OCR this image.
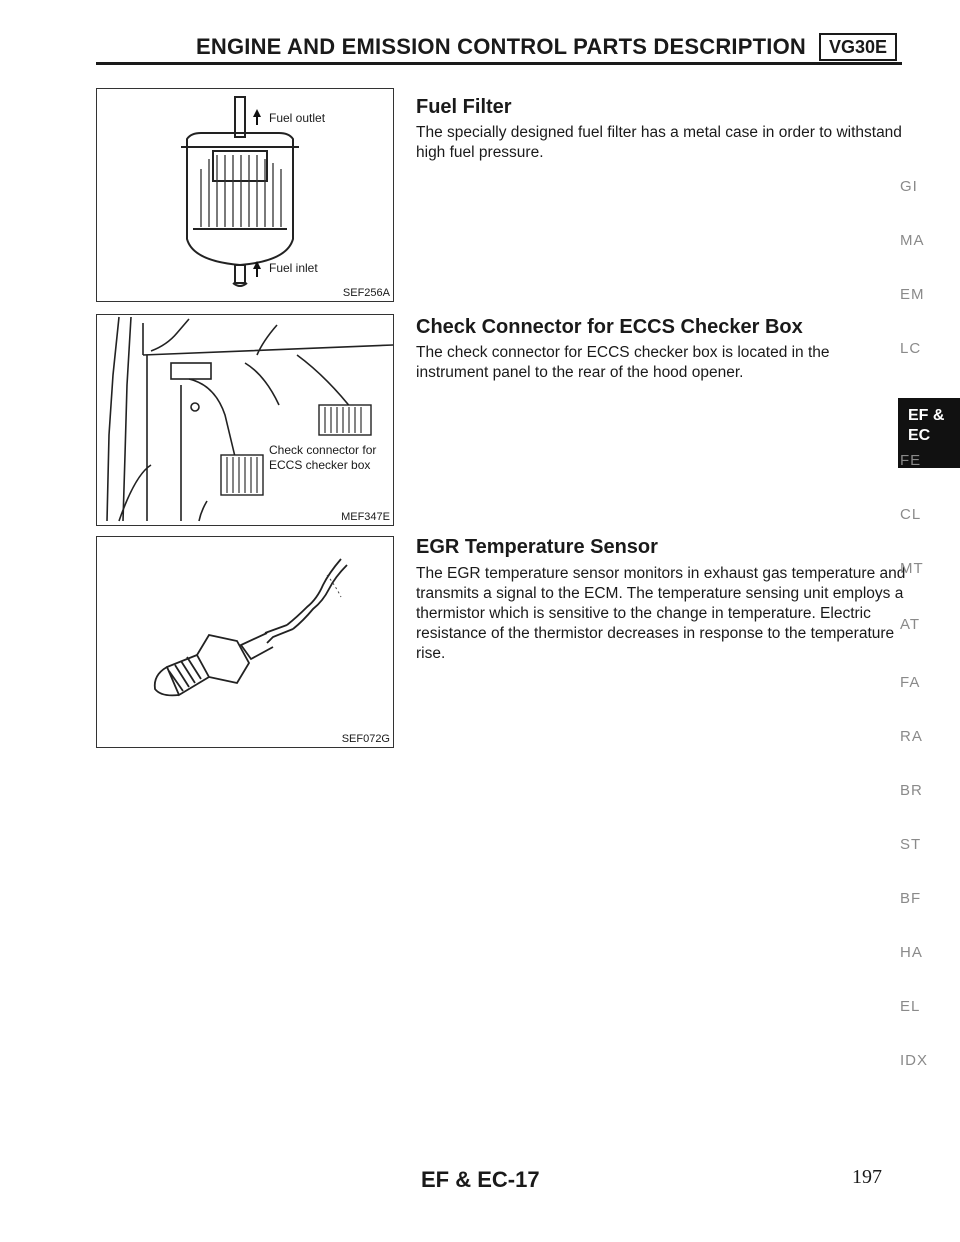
ENGINE AND EMISSION CONTROL PARTS DESCRIPTION	VG30E
Fuel outlet
Fuel inlet
SEF256A
Check connector for
ECCS checker box
MEF347E
SEF072G
Fuel Filter
The specially designed fuel filter has a metal case in order to withstand high fuel pressure.
Check Connector for ECCS Checker Box
The check connector for ECCS checker box is located in the instrument panel to the rear of the hood opener.
EGR Temperature Sensor
The EGR temperature sensor monitors in exhaust gas temperature and transmits a signal to the ECM. The temperature sensing unit employs a thermistor which is sensitive to the change in temperature. Electric resistance of the thermistor decreases in response to the temperature rise.
GI
MA
EM
LC
EF &
EC
FE
CL
MT
AT
FA
RA
BR
ST
BF
HA
EL
IDX
EF & EC-17	197
